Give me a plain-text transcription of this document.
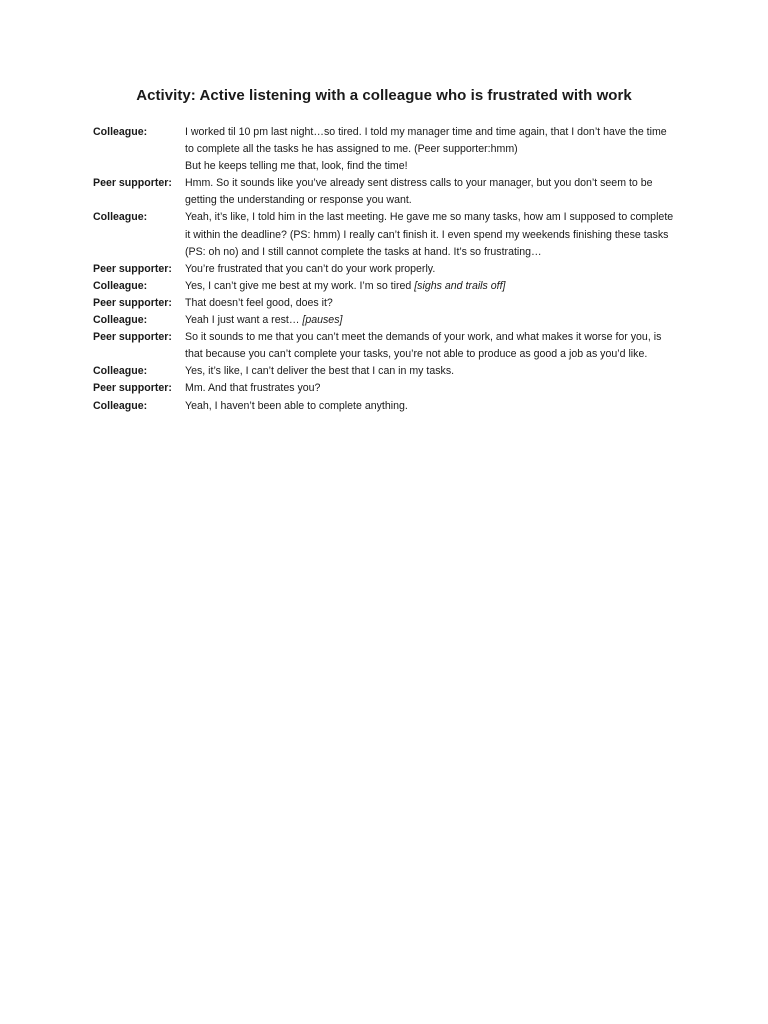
Activity: Active listening with a colleague who is frustrated with work
Colleague:	I worked til 10 pm last night…so tired. I told my manager time and time again, that I don’t have the time to complete all the tasks he has assigned to me. (Peer supporter:hmm)
But he keeps telling me that, look, find the time!
Peer supporter:	Hmm. So it sounds like you’ve already sent distress calls to your manager, but you don’t seem to be getting the understanding or response you want.
Colleague:	Yeah, it’s like, I told him in the last meeting. He gave me so many tasks, how am I supposed to complete it within the deadline? (PS: hmm) I really can’t finish it. I even spend my weekends finishing these tasks (PS: oh no) and I still cannot complete the tasks at hand. It’s so frustrating…
Peer supporter:	You’re frustrated that you can’t do your work properly.
Colleague:	Yes, I can’t give me best at my work. I’m so tired [sighs and trails off]
Peer supporter:	That doesn’t feel good, does it?
Colleague:	Yeah I just want a rest… [pauses]
Peer supporter:	So it sounds to me that you can’t meet the demands of your work, and what makes it worse for you, is that because you can’t complete your tasks, you’re not able to produce as good a job as you’d like.
Colleague:	Yes, it’s like, I can’t deliver the best that I can in my tasks.
Peer supporter:	Mm. And that frustrates you?
Colleague:	Yeah, I haven’t been able to complete anything.
